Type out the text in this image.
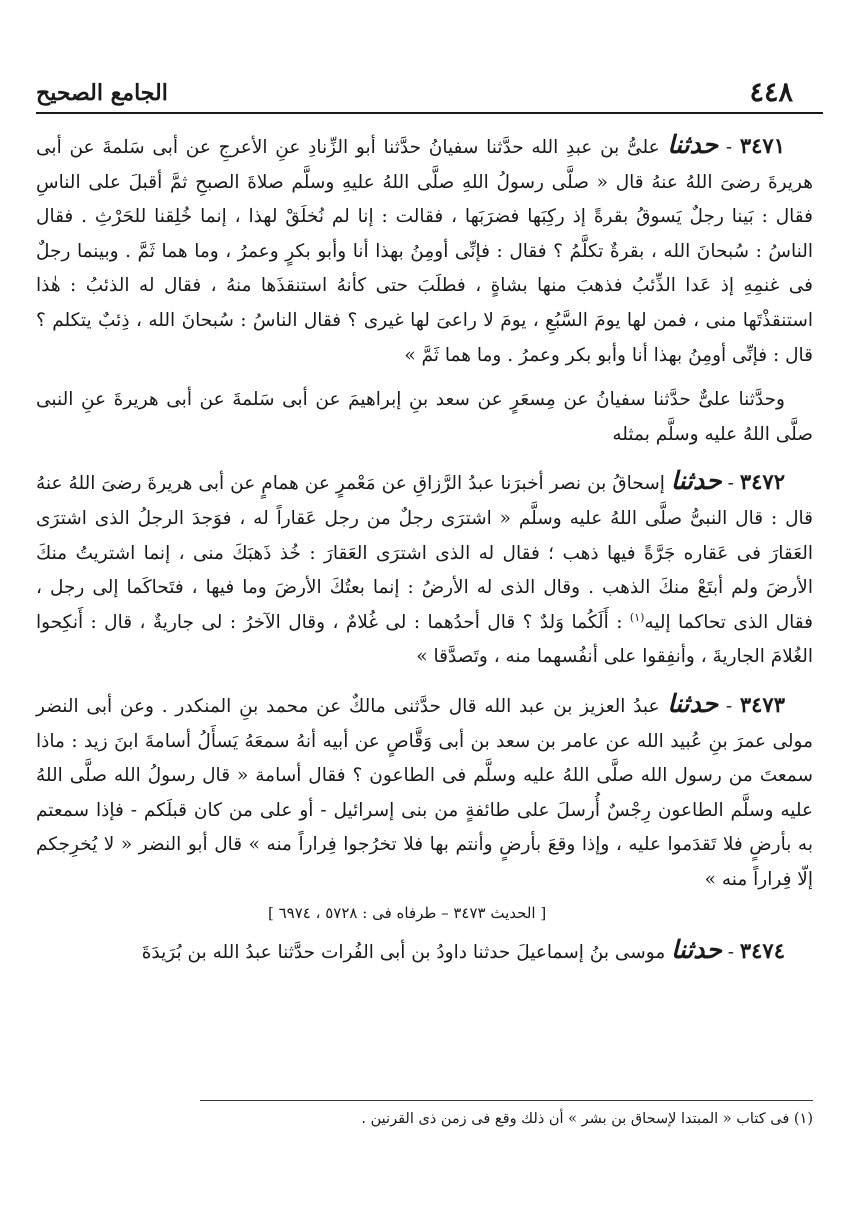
٤٤٨
الجامع الصحيح

٣٤٧١ - حدثنا علىُّ بن عبدِ الله حدَّثنا سفيانُ حدَّثنا أبو الزِّنادِ عنِ الأعرجِ عن أبى سَلمةَ عن أبى هريرةَ رضىَ اللهُ عنهُ قال « صلَّى رسولُ اللهِ صلَّى اللهُ عليهِ وسلَّم صلاةَ الصبحِ ثمَّ أقبلَ على الناسِ فقال : بَينا رجلٌ يَسوقُ بقرةً إذ ركِبَها فضرَبَها ، فقالت : إنا لم نُخلَقْ لهذا ، إنما خُلِقنا للحَرْثِ . فقال الناسُ : سُبحانَ الله ، بقرةٌ تكلَّمُ ؟ فقال : فإنِّى أومِنُ بهذا أنا وأبو بكرٍ وعمرُ ، وما هما ثَمَّ . وبينما رجلٌ فى غنمِهِ إذ عَدا الذِّئبُ فذهبَ منها بشاةٍ ، فطلَبَ حتى كأنهُ استنقذَها منهُ ، فقال له الذئبُ : هٰذا استنقذْتَها منى ، فمن لها يومَ السَّبُعِ ، يومَ لا راعىَ لها غيرى ؟ فقال الناسُ : سُبحانَ الله ، ذِئبٌ يتكلم ؟ قال : فإنِّى أومِنُ بهذا أنا وأبو بكر وعمرُ . وما هما ثَمَّ »

وحدَّثنا علىٌّ حدَّثنا سفيانُ عن مِسعَرٍ عن سعد بنِ إبراهيمَ عن أبى سَلمةَ عن أبى هريرةَ عنِ النبى صلَّى اللهُ عليه وسلَّم بمثله

٣٤٧٢ - حدثنا إسحاقُ بن نصر أخبرَنا عبدُ الرَّزاقِ عن مَعْمرٍ عن همامٍ عن أبى هريرةَ رضىَ اللهُ عنهُ قال : قال النبىُّ صلَّى اللهُ عليه وسلَّم « اشترَى رجلٌ من رجل عَقاراً له ، فوَجدَ الرجلُ الذى اشترَى العَقارَ فى عَقاره جَرَّةً فيها ذهب ؛ فقال له الذى اشترَى العَقارَ : خُذ ذَهبَكَ منى ، إنما اشتريتُ منكَ الأرضَ ولم أبتَعْ منكَ الذهب . وقال الذى له الأرضُ : إنما بعتُكَ الأرضَ وما فيها ، فتَحاكَما إلى رجل ، فقال الذى تحاكما إليه$^{(١)}$ : أَلَكُما وَلدٌ ؟ قال أحدُهما : لى غُلامٌ ، وقال الآخرُ : لى جاريةٌ ، قال : أَنكِحوا الغُلامَ الجاريةَ ، وأنفِقوا على أنفُسهما منه ، وتَصدَّقا »

٣٤٧٣ - حدثنا عبدُ العزيز بن عبد الله قال حدَّثنى مالكٌ عن محمد بنِ المنكدر . وعن أبى النضر مولى عمرَ بنِ عُبيد الله عن عامر بن سعد بن أبى وَقَّاصٍ عن أبيه أنهُ سمعَهُ يَسأَلُ أسامةَ ابنَ زيد : ماذا سمعتَ من رسول الله صلَّى اللهُ عليه وسلَّم فى الطاعون ؟ فقال أسامة « قال رسولُ الله صلَّى اللهُ عليه وسلَّم الطاعون رِجْسٌ أُرسلَ على طائفةٍ من بنى إسرائيل - أو على من كان قبلَكم - فإذا سمعتم به بأرضٍ فلا تَقدَموا عليه ، وإذا وقعَ بأرضٍ وأنتم بها فلا تخرُجوا فِراراً منه » قال أبو النضر « لا يُخرِجكم إلّا فِراراً منه »

[ الحديث ٣٤٧٣ – طرفاه فى : ٥٧٢٨ ، ٦٩٧٤ ]

٣٤٧٤ - حدثنا موسى بنُ إسماعيلَ حدثنا داودُ بن أبى الفُرات حدَّثنا عبدُ الله بن بُرَيدَةَ

(١) فى كتاب « المبتدا لإسحاق بن بشر » أن ذلك وقع فى زمن ذى القرنين .
